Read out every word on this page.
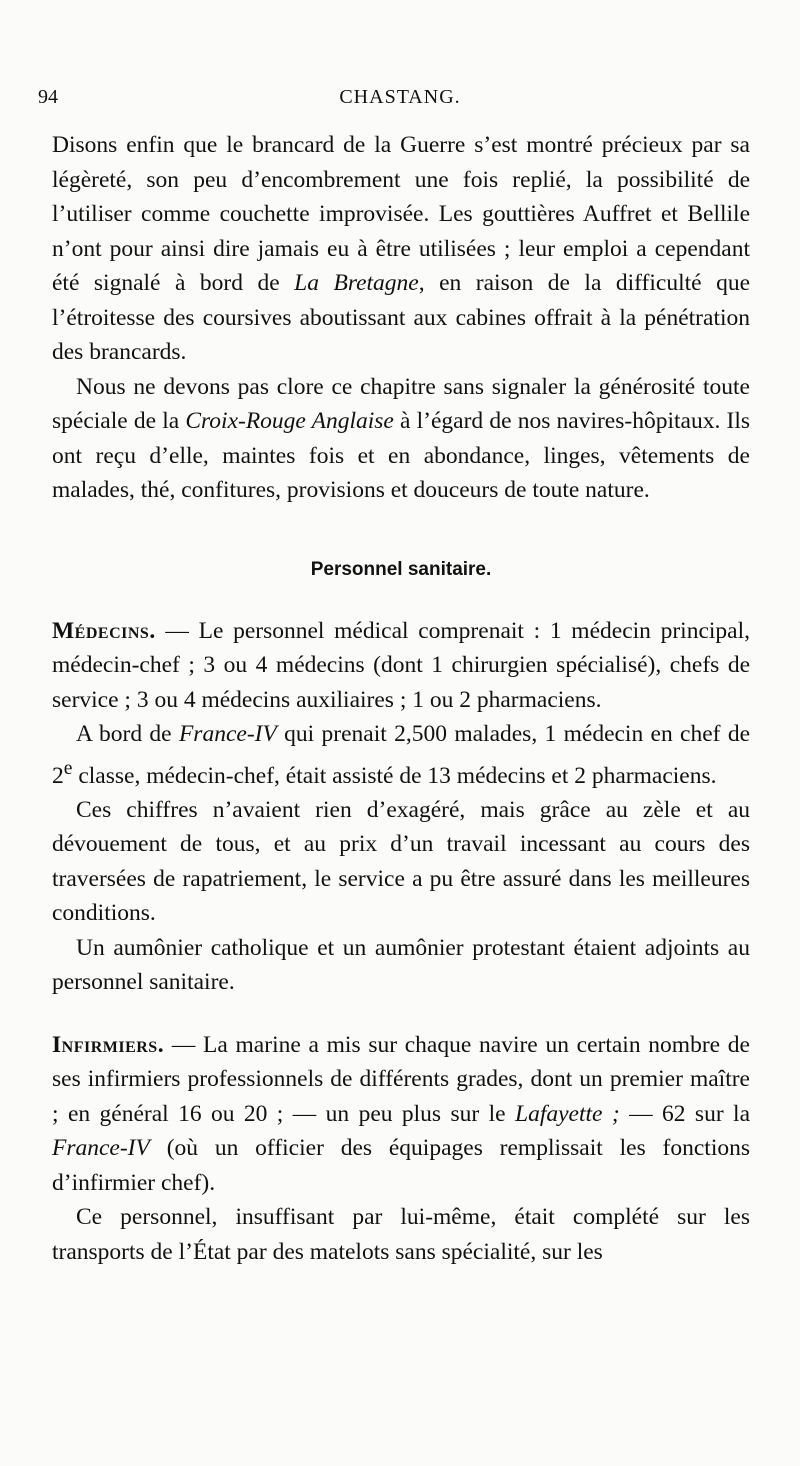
94	CHASTANG.

Disons enfin que le brancard de la Guerre s’est montré précieux par sa légèreté, son peu d’encombrement une fois replié, la possibilité de l’utiliser comme couchette improvisée. Les gouttières Auffret et Bellile n’ont pour ainsi dire jamais eu à être utilisées ; leur emploi a cependant été signalé à bord de La Bretagne, en raison de la difficulté que l’étroitesse des coursives aboutissant aux cabines offrait à la pénétration des brancards.

Nous ne devons pas clore ce chapitre sans signaler la générosité toute spéciale de la Croix-Rouge Anglaise à l’égard de nos navires-hôpitaux. Ils ont reçu d’elle, maintes fois et en abondance, linges, vêtements de malades, thé, confitures, provisions et douceurs de toute nature.

Personnel sanitaire.

Médecins. — Le personnel médical comprenait : 1 médecin principal, médecin-chef ; 3 ou 4 médecins (dont 1 chirurgien spécialisé), chefs de service ; 3 ou 4 médecins auxiliaires ; 1 ou 2 pharmaciens.

A bord de France-IV qui prenait 2,500 malades, 1 médecin en chef de 2e classe, médecin-chef, était assisté de 13 médecins et 2 pharmaciens.

Ces chiffres n’avaient rien d’exagéré, mais grâce au zèle et au dévouement de tous, et au prix d’un travail incessant au cours des traversées de rapatriement, le service a pu être assuré dans les meilleures conditions.

Un aumônier catholique et un aumônier protestant étaient adjoints au personnel sanitaire.

Infirmiers. — La marine a mis sur chaque navire un certain nombre de ses infirmiers professionnels de différents grades, dont un premier maître ; en général 16 ou 20 ; — un peu plus sur le Lafayette ; — 62 sur la France-IV (où un officier des équipages remplissait les fonctions d’infirmier chef).

Ce personnel, insuffisant par lui-même, était complété sur les transports de l’État par des matelots sans spécialité, sur les
